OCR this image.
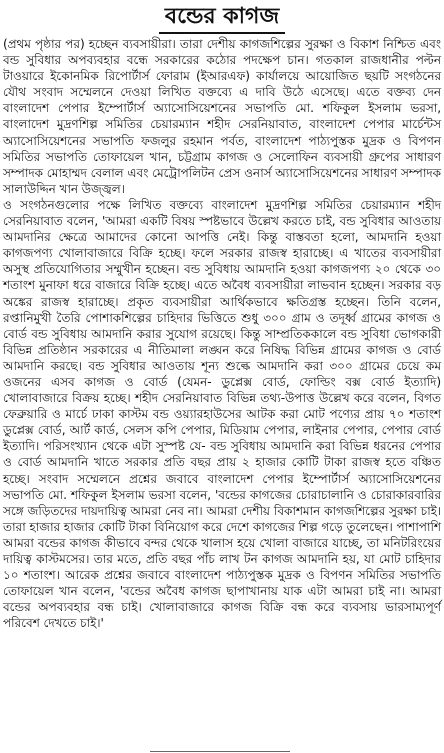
বন্ডের কাগজ

(প্রথম পৃষ্ঠার পর) হচ্ছেন ব্যবসায়ীরা। তারা দেশীয় কাগজশিল্পের সুরক্ষা ও বিকাশ নিশ্চিত এবং বন্ড সুবিধার অপব্যবহার বন্ধে সরকারের কঠোর পদক্ষেপ চান। গতকাল রাজধানীর পল্টন টাওয়ারে ইকোনমিক রিপোর্টার্স ফোরাম (ইআরএফ) কার্যালয়ে আয়োজিত ছয়টি সংগঠনের যৌথ সংবাদ সম্মেলনে দেওয়া লিখিত বক্তব্যে এ দাবি উঠে এসেছে। এতে বক্তব্য দেন বাংলাদেশ পেপার ইম্পোর্টার্স অ্যাসোসিয়েশনের সভাপতি মো. শফিকুল ইসলাম ভরসা, বাংলাদেশ মুদ্রণশিল্প সমিতির চেয়ারম্যান শহীদ সেরনিয়াবাত, বাংলাদেশ পেপার মার্চেন্টস অ্যাসোসিয়েশনের সভাপতি ফজলুর রহমান পর্বত, বাংলাদেশ পাঠ্যপুস্তক মুদ্রক ও বিপণন সমিতির সভাপতি তোফায়েল খান, চট্টগ্রাম কাগজ ও সেলোফিন ব্যবসায়ী গ্রুপের সাধারণ সম্পাদক মোহাম্মদ বেলাল এবং মেট্রোপলিটন প্রেস ওনার্স অ্যাসোসিয়েশনের সাধারণ সম্পাদক সালাউদ্দিন খান উজ্জ্বল।

ও সংগঠনগুলোর পক্ষে লিখিত বক্তব্যে বাংলাদেশ মুদ্রণশিল্প সমিতির চেয়ারম্যান শহীদ সেরনিয়াবাত বলেন, 'আমরা একটি বিষয় স্পষ্টভাবে উল্লেখ করতে চাই, বন্ড সুবিধার আওতায় আমদানির ক্ষেত্রে আমাদের কোনো আপত্তি নেই। কিন্তু বাস্তবতা হলো, আমদানি হওয়া কাগজপণ্য খোলাবাজারে বিক্রি হচ্ছে। ফলে সরকার রাজস্ব হারাচ্ছে। এ খাতের ব্যবসায়ীরা অসুস্থ প্রতিযোগিতার সম্মুখীন হচ্ছেন। বন্ড সুবিধায় আমদানি হওয়া কাগজপণ্য ২০ থেকে ৩০ শতাংশ মুনাফা ধরে বাজারে বিক্রি হচ্ছে। এতে অবৈধ ব্যবসায়ীরা লাভবান হচ্ছেন। সরকার বড় অঙ্কের রাজস্ব হারাচ্ছে। প্রকৃত ব্যবসায়ীরা আর্থিকভাবে ক্ষতিগ্রস্ত হচ্ছেন। তিনি বলেন, রপ্তানিমুখী তৈরি পোশাকশিল্পের চাহিদার ভিত্তিতে শুধু ৩০০ গ্রাম ও তদূর্ধ্ব গ্রামের কাগজ ও বোর্ড বন্ড সুবিধায় আমদানি করার সুযোগ রয়েছে। কিন্তু সাম্প্রতিককালে বন্ড সুবিধা ভোগকারী বিভিন্ন প্রতিষ্ঠান সরকারের এ নীতিমালা লঙ্ঘন করে নিষিদ্ধ বিভিন্ন গ্রামের কাগজ ও বোর্ড আমদানি করছে। বন্ড সুবিধার আওতায় শূন্য শুল্কে আমদানি করা ৩০০ গ্রামের চেয়ে কম ওজনের এসব কাগজ ও বোর্ড (যেমন- ডুপ্লেক্স বোর্ড, ফোল্ডিং বক্স বোর্ড ইত্যাদি) খোলাবাজারে বিক্রয় হচ্ছে। শহীদ সেরনিয়াবাত বিভিন্ন তথ্য-উপাত্ত উল্লেখ করে বলেন, বিগত ফেব্রুয়ারি ও মার্চে ঢাকা কাস্টম বন্ড ওয়্যারহাউসের আটক করা মোট পণ্যের প্রায় ৭০ শতাংশ ডুপ্লেক্স বোর্ড, আর্ট কার্ড, সেলস কপি পেপার, মিডিয়াম পেপার, লাইনার পেপার, পেপার বোর্ড ইত্যাদি। পরিসংখ্যান থেকে এটা সুস্পষ্ট যে- বন্ড সুবিধায় আমদানি করা বিভিন্ন ধরনের পেপার ও বোর্ড আমদানি খাতে সরকার প্রতি বছর প্রায় ২ হাজার কোটি টাকা রাজস্ব হতে বঞ্চিত হচ্ছে। সংবাদ সম্মেলনে প্রশ্নের জবাবে বাংলাদেশ পেপার ইম্পোর্টার্স অ্যাসোসিয়েশনের সভাপতি মো. শফিকুল ইসলাম ভরসা বলেন, 'বন্ডের কাগজের চোরাচালানি ও চোরাকারবারির সঙ্গে জড়িতদের দায়দায়িত্ব আমরা নেব না। আমরা দেশীয় বিকাশমান কাগজশিল্পের সুরক্ষা চাই। তারা হাজার হাজার কোটি টাকা বিনিয়োগ করে দেশে কাগজের শিল্প গড়ে তুলেছেন। পাশাপাশি আমরা বন্ডের কাগজ কীভাবে বন্দর থেকে খালাস হয়ে খোলা বাজারে যাচ্ছে, তা মনিটরিংয়ের দায়িত্ব কাস্টমসের। তার মতে, প্রতি বছর পাঁচ লাখ টন কাগজ আমদানি হয়, যা মোট চাহিদার ১০ শতাংশ। আরেক প্রশ্নের জবাবে বাংলাদেশ পাঠ্যপুস্তক মুদ্রক ও বিপণন সমিতির সভাপতি তোফায়েল খান বলেন, 'বন্ডের অবৈধ কাগজ ছাপাখানায় যাক এটা আমরা চাই না। আমরা বন্ডের অপব্যবহার বন্ধ চাই। খোলাবাজারে কাগজ বিক্রি বন্ধ করে ব্যবসায় ভারসাম্যপূর্ণ পরিবেশ দেখতে চাই।'
